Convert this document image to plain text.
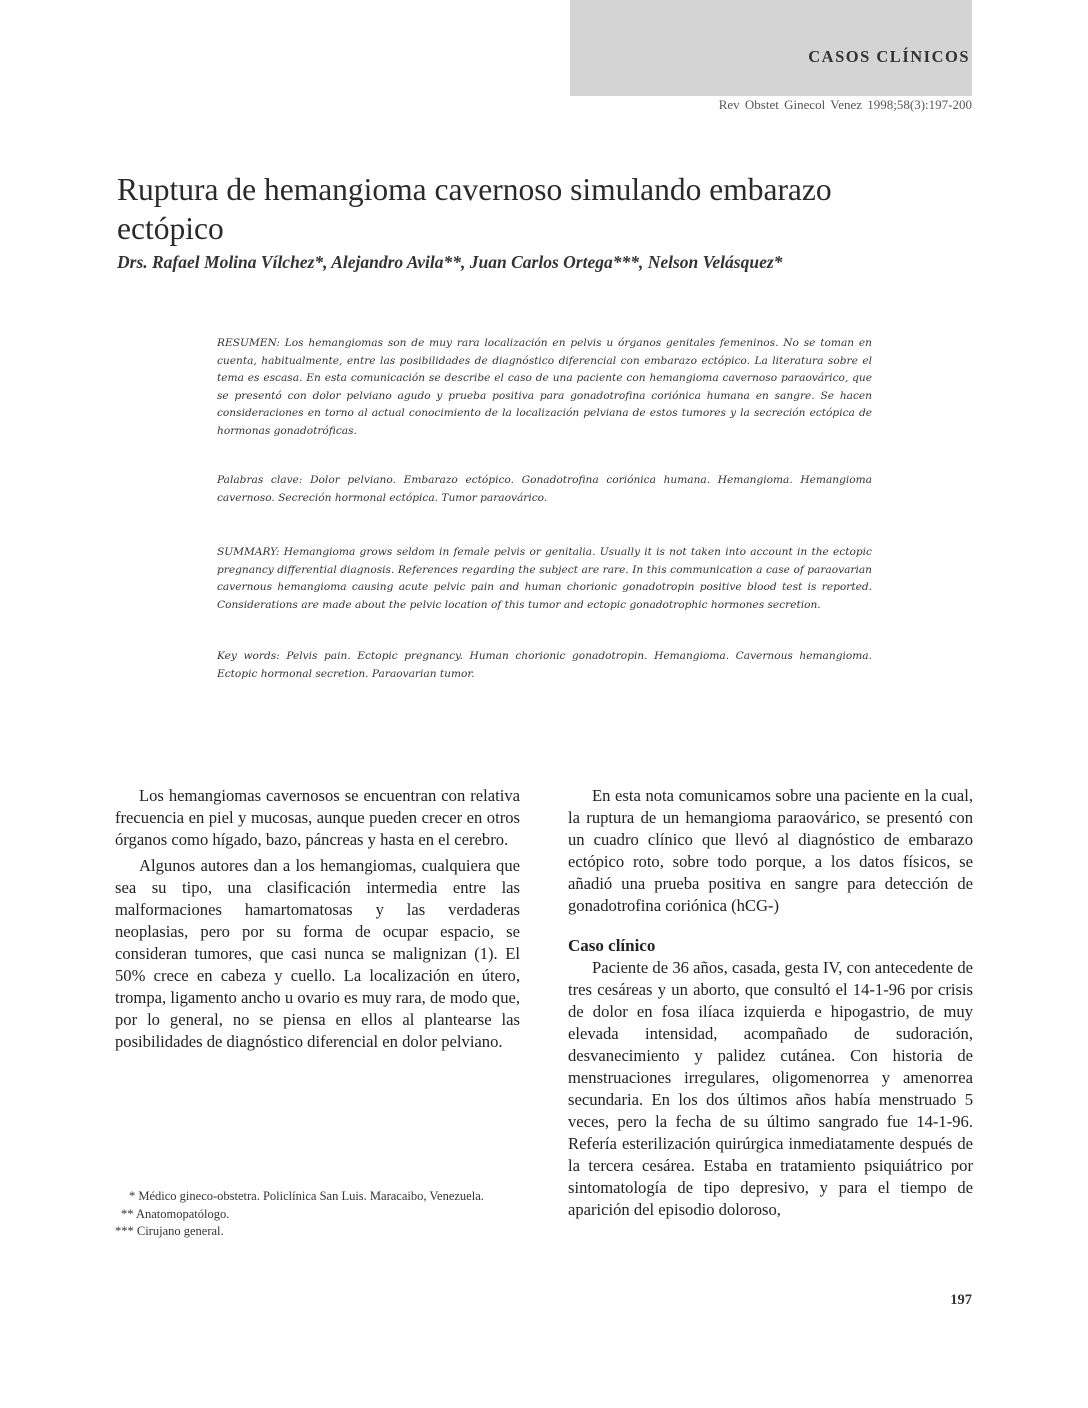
CASOS CLÍNICOS
Rev Obstet Ginecol Venez 1998;58(3):197-200
Ruptura de hemangioma cavernoso simulando embarazo ectópico
Drs. Rafael Molina Vílchez*, Alejandro Avila**, Juan Carlos Ortega***, Nelson Velásquez*

RESUMEN: Los hemangiomas son de muy rara localización en pelvis u órganos genitales femeninos. No se toman en cuenta, habitualmente, entre las posibilidades de diagnóstico diferencial con embarazo ectópico. La literatura sobre el tema es escasa. En esta comunicación se describe el caso de una paciente con hemangioma cavernoso paraovárico, que se presentó con dolor pelviano agudo y prueba positiva para gonadotrofina coriónica humana en sangre. Se hacen consideraciones en torno al actual conocimiento de la localización pelviana de estos tumores y la secreción ectópica de hormonas gonadotróficas.

Palabras clave: Dolor pelviano. Embarazo ectópico. Gonadotrofina coriónica humana. Hemangioma. Hemangioma cavernoso. Secreción hormonal ectópica. Tumor paraovárico.

SUMMARY: Hemangioma grows seldom in female pelvis or genitalia. Usually it is not taken into account in the ectopic pregnancy differential diagnosis. References regarding the subject are rare. In this communication a case of paraovarian cavernous hemangioma causing acute pelvic pain and human chorionic gonadotropin positive blood test is reported. Considerations are made about the pelvic location of this tumor and ectopic gonadotrophic hormones secretion.

Key words: Pelvis pain. Ectopic pregnancy. Human chorionic gonadotropin. Hemangioma. Cavernous hemangioma. Ectopic hormonal secretion. Paraovarian tumor.

Los hemangiomas cavernosos se encuentran con relativa frecuencia en piel y mucosas, aunque pueden crecer en otros órganos como hígado, bazo, páncreas y hasta en el cerebro.

Algunos autores dan a los hemangiomas, cualquiera que sea su tipo, una clasificación intermedia entre las malformaciones hamartomatosas y las verdaderas neoplasias, pero por su forma de ocupar espacio, se consideran tumores, que casi nunca se malignizan (1). El 50% crece en cabeza y cuello. La localización en útero, trompa, ligamento ancho u ovario es muy rara, de modo que, por lo general, no se piensa en ellos al plantearse las posibilidades de diagnóstico diferencial en dolor pelviano.

En esta nota comunicamos sobre una paciente en la cual, la ruptura de un hemangioma paraovárico, se presentó con un cuadro clínico que llevó al diagnóstico de embarazo ectópico roto, sobre todo porque, a los datos físicos, se añadió una prueba positiva en sangre para detección de gonadotrofina coriónica (hCG-)

Caso clínico

Paciente de 36 años, casada, gesta IV, con antecedente de tres cesáreas y un aborto, que consultó el 14-1-96 por crisis de dolor en fosa ilíaca izquierda e hipogastrio, de muy elevada intensidad, acompañado de sudoración, desvanecimiento y palidez cutánea. Con historia de menstruaciones irregulares, oligomenorrea y amenorrea secundaria. En los dos últimos años había menstruado 5 veces, pero la fecha de su último sangrado fue 14-1-96. Refería esterilización quirúrgica inmediatamente después de la tercera cesárea. Estaba en tratamiento psiquiátrico por sintomatología de tipo depresivo, y para el tiempo de aparición del episodio doloroso,

* Médico gineco-obstetra. Policlínica San Luis. Maracaibo, Venezuela.

** Anatomopatólogo.

*** Cirujano general.

197
